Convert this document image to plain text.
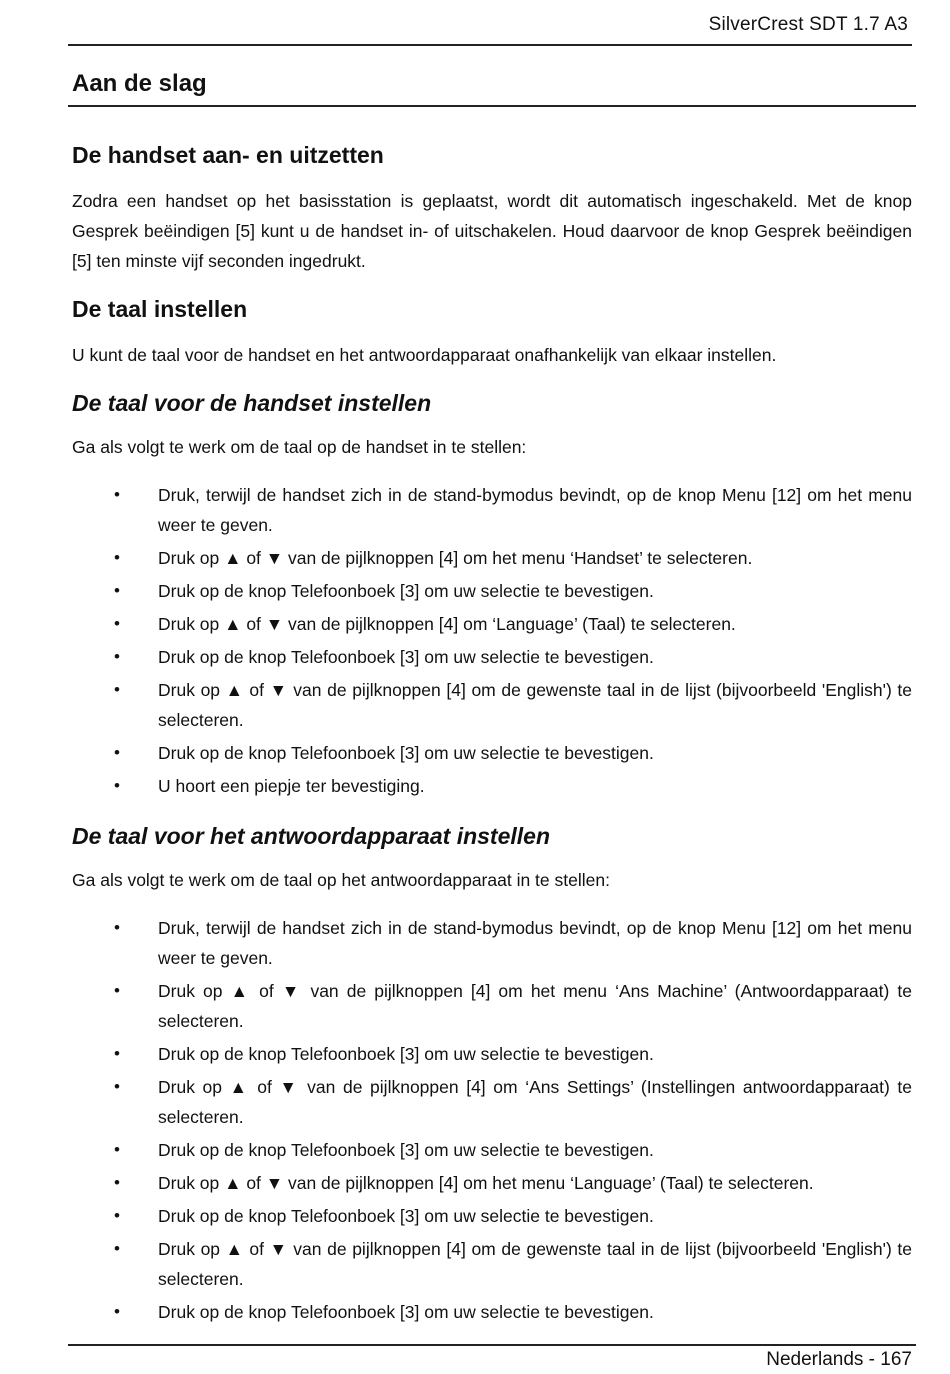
SilverCrest SDT 1.7 A3
Aan de slag
De handset aan- en uitzetten

Zodra een handset op het basisstation is geplaatst, wordt dit automatisch ingeschakeld. Met de knop Gesprek beëindigen [5] kunt u de handset in- of uitschakelen. Houd daarvoor de knop Gesprek beëindigen [5] ten minste vijf seconden ingedrukt.

De taal instellen

U kunt de taal voor de handset en het antwoordapparaat onafhankelijk van elkaar instellen.

De taal voor de handset instellen

Ga als volgt te werk om de taal op de handset in te stellen:

• Druk, terwijl de handset zich in de stand-bymodus bevindt, op de knop Menu [12] om het menu weer te geven.
• Druk op ▲ of ▼ van de pijlknoppen [4] om het menu ‘Handset’ te selecteren.
• Druk op de knop Telefoonboek [3] om uw selectie te bevestigen.
• Druk op ▲ of ▼ van de pijlknoppen [4] om ‘Language’ (Taal) te selecteren.
• Druk op de knop Telefoonboek [3] om uw selectie te bevestigen.
• Druk op ▲ of ▼ van de pijlknoppen [4] om de gewenste taal in de lijst (bijvoorbeeld 'English') te selecteren.
• Druk op de knop Telefoonboek [3] om uw selectie te bevestigen.
• U hoort een piepje ter bevestiging.
De taal voor het antwoordapparaat instellen

Ga als volgt te werk om de taal op het antwoordapparaat in te stellen:

• Druk, terwijl de handset zich in de stand-bymodus bevindt, op de knop Menu [12] om het menu weer te geven.
• Druk op ▲ of ▼ van de pijlknoppen [4] om het menu ‘Ans Machine’ (Antwoordapparaat) te selecteren.
• Druk op de knop Telefoonboek [3] om uw selectie te bevestigen.
• Druk op ▲ of ▼ van de pijlknoppen [4] om ‘Ans Settings’ (Instellingen antwoordapparaat) te selecteren.
• Druk op de knop Telefoonboek [3] om uw selectie te bevestigen.
• Druk op ▲ of ▼ van de pijlknoppen [4] om het menu ‘Language’ (Taal) te selecteren.
• Druk op de knop Telefoonboek [3] om uw selectie te bevestigen.
• Druk op ▲ of ▼ van de pijlknoppen [4] om de gewenste taal in de lijst (bijvoorbeeld 'English') te selecteren.
• Druk op de knop Telefoonboek [3] om uw selectie te bevestigen.
Nederlands - 167
